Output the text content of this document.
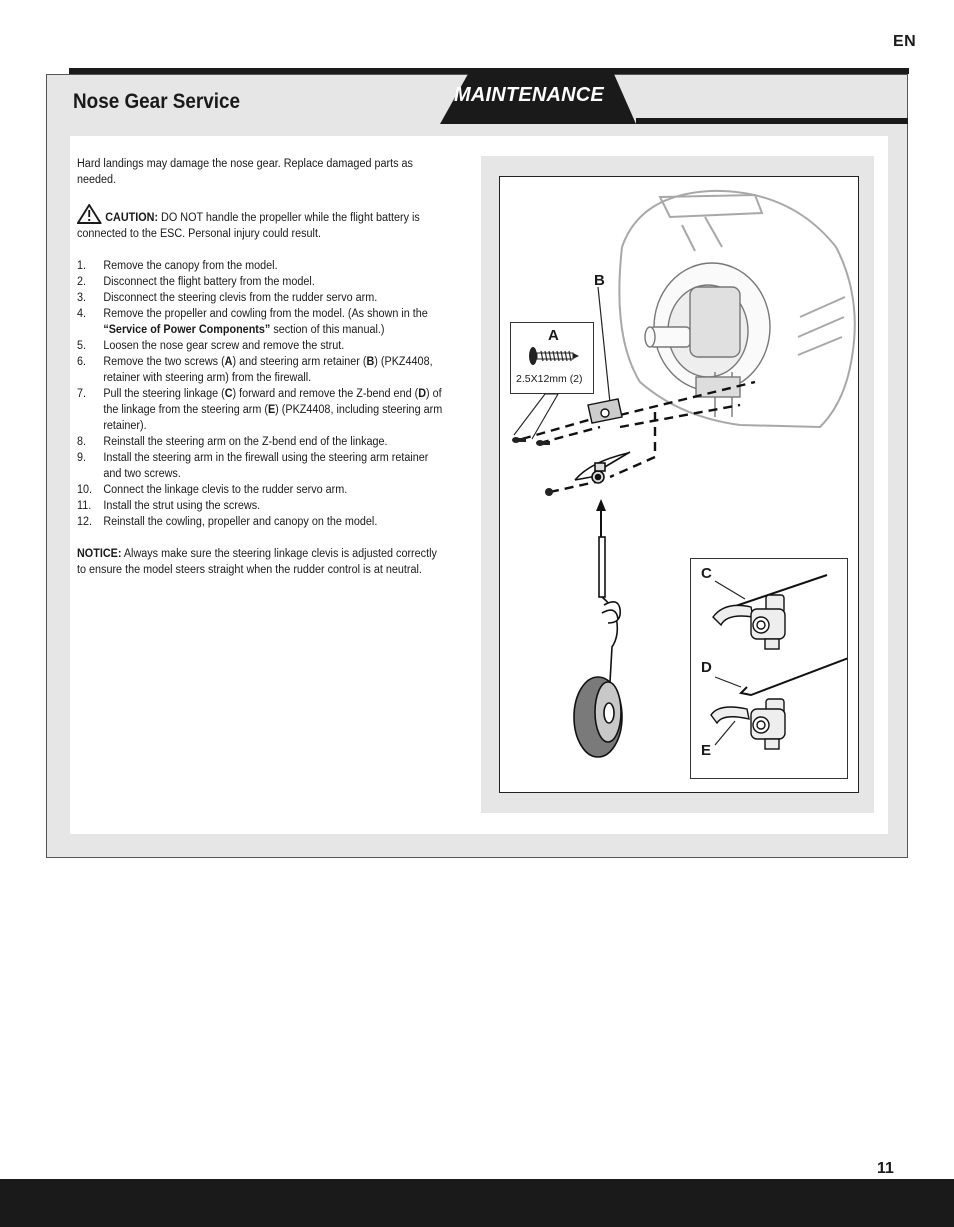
EN
Nose Gear Service	MAINTENANCE

Hard landings may damage the nose gear. Replace damaged parts as needed.

CAUTION: DO NOT handle the propeller while the flight battery is connected to the ESC. Personal injury could result.

1. Remove the canopy from the model.
2. Disconnect the flight battery from the model.
3. Disconnect the steering clevis from the rudder servo arm.
4. Remove the propeller and cowling from the model. (As shown in the “Service of Power Components” section of this manual.)
5. Loosen the nose gear screw and remove the strut.
6. Remove the two screws (A) and steering arm retainer (B) (PKZ4408, retainer with steering arm) from the firewall.
7. Pull the steering linkage (C) forward and remove the Z-bend end (D) of the linkage from the steering arm (E) (PKZ4408, including steering arm retainer).
8. Reinstall the steering arm on the Z-bend end of the linkage.
9. Install the steering arm in the firewall using the steering arm retainer and two screws.
10. Connect the linkage clevis to the rudder servo arm.
11. Install the strut using the screws.
12. Reinstall the cowling, propeller and canopy on the model.

NOTICE: Always make sure the steering linkage clevis is adjusted correctly to ensure the model steers straight when the rudder control is at neutral.

B
A
2.5X12mm (2)
C
D
E
11
